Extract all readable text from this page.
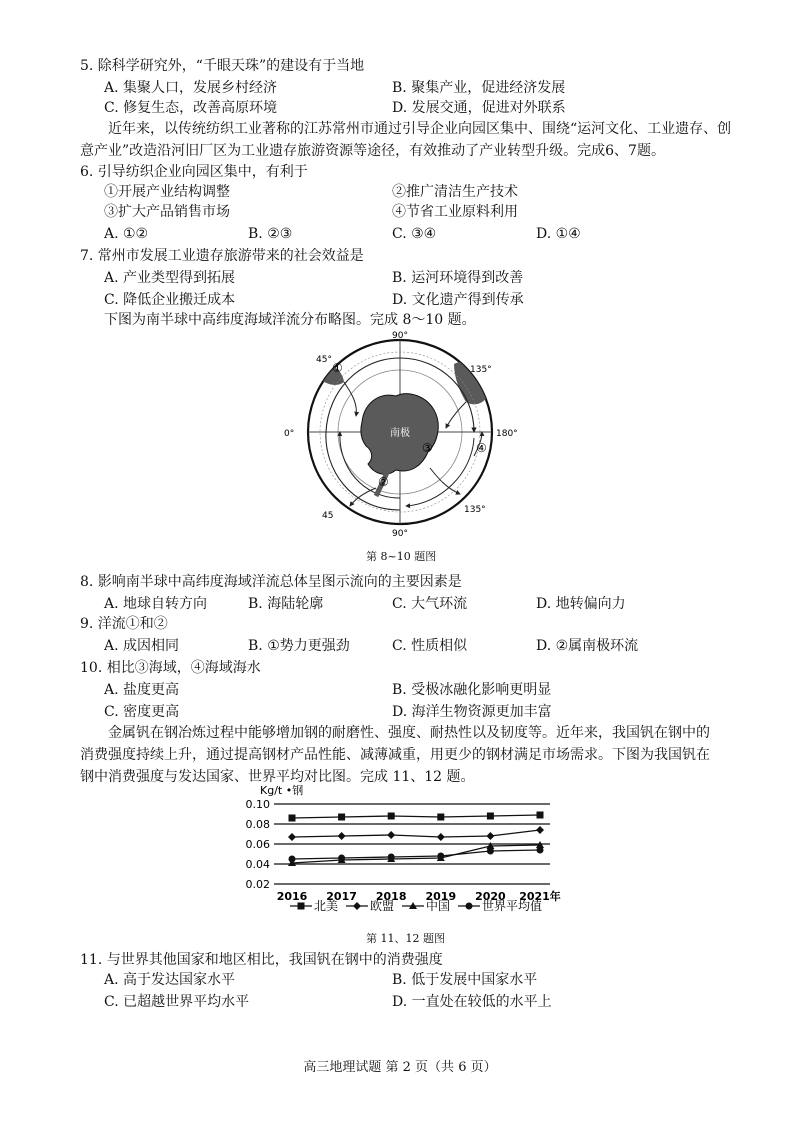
5. 除科学研究外，“千眼天珠”的建设有于当地
A. 集聚人口，发展乡村经济	B. 聚集产业，促进经济发展
C. 修复生态，改善高原环境	D. 发展交通，促进对外联系
近年来，以传统纺织工业著称的江苏常州市通过引导企业向园区集中、围绕“运河文化、工业遗存、创意产业”改造沿河旧厂区为工业遗存旅游资源等途径，有效推动了产业转型升级。完成6、7题。
6. 引导纺织企业向园区集中，有利于
①开展产业结构调整	②推广清洁生产技术
③扩大产品销售市场	④节省工业原料利用
A. ①②	B. ②③	C. ③④	D. ①④
7. 常州市发展工业遗存旅游带来的社会效益是
A. 产业类型得到拓展	B. 运河环境得到改善
C. 降低企业搬迁成本	D. 文化遗产得到传承
下图为南半球中高纬度海域洋流分布略图。完成 8～10 题。
90°
45°
135°
0°	180°
45
135°
90°
南极
①
②
③	④
第 8~10 题图
8. 影响南半球中高纬度海域洋流总体呈图示流向的主要因素是
A. 地球自转方向	B. 海陆轮廓	C. 大气环流	D. 地转偏向力
9. 洋流①和②
A. 成因相同	B. ①势力更强劲	C. 性质相似	D. ②属南极环流
10. 相比③海域，④海域海水
A. 盐度更高	B. 受极冰融化影响更明显
C. 密度更高	D. 海洋生物资源更加丰富
金属钒在钢冶炼过程中能够增加钢的耐磨性、强度、耐热性以及韧度等。近年来，我国钒在钢中的消费强度持续上升，通过提高钢材产品性能、减薄减重，用更少的钢材满足市场需求。下图为我国钒在钢中消费强度与发达国家、世界平均对比图。完成 11、12 题。
Kg/t •钢
0.10
0.08
0.06
0.04
0.02
2016 2017 2018 2019 2020 2021年
北美	欧盟	中国	世界平均值
第 11、12 题图
11. 与世界其他国家和地区相比，我国钒在钢中的消费强度
A. 高于发达国家水平	B. 低于发展中国家水平
C. 已超越世界平均水平	D. 一直处在较低的水平上
高三地理试题 第 2 页（共 6 页）
